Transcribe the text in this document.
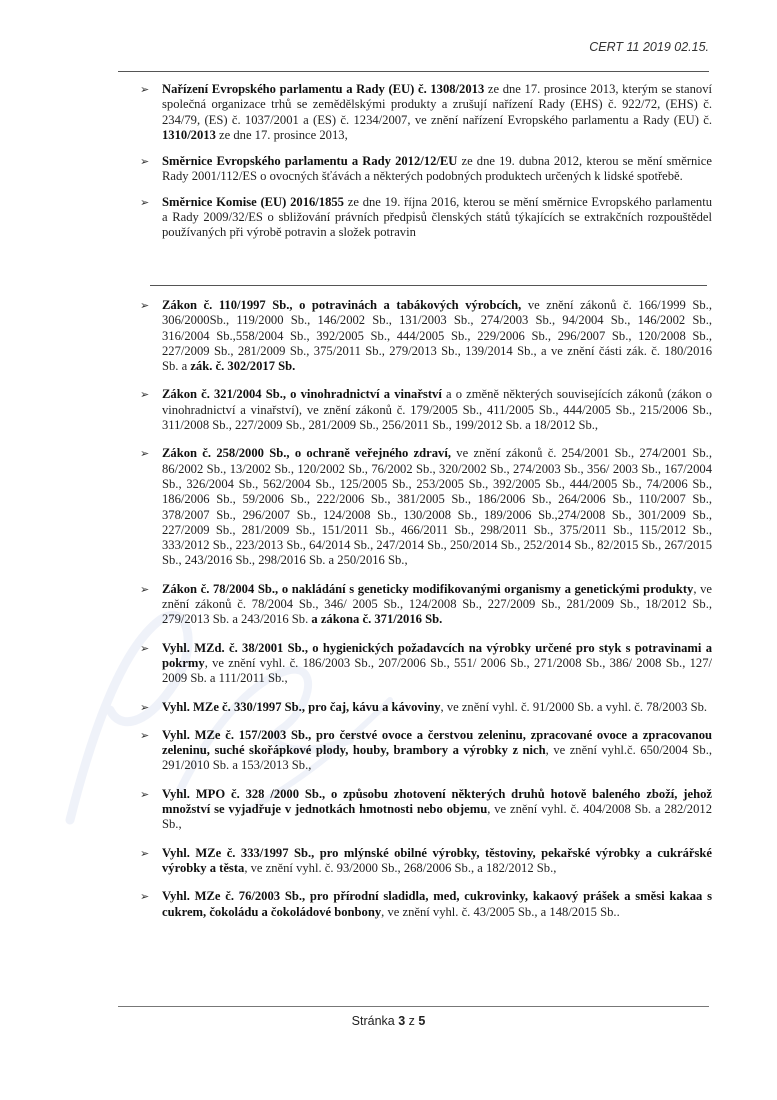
CERT 11 2019 02.15.
➢ Nařízení Evropského parlamentu a Rady (EU) č. 1308/2013 ze dne 17. prosince 2013, kterým se stanoví společná organizace trhů se zemědělskými produkty a zrušují nařízení Rady (EHS) č. 922/72, (EHS) č. 234/79, (ES) č. 1037/2001 a (ES) č. 1234/2007, ve znění nařízení Evropského parlamentu a Rady (EU) č. 1310/2013 ze dne 17. prosince 2013,
➢ Směrnice Evropského parlamentu a Rady 2012/12/EU ze dne 19. dubna 2012, kterou se mění směrnice Rady 2001/112/ES o ovocných šťávách a některých podobných produktech určených k lidské spotřebě.
➢ Směrnice Komise (EU) 2016/1855 ze dne 19. října 2016, kterou se mění směrnice Evropského parlamentu a Rady 2009/32/ES o sbližování právních předpisů členských států týkajících se extrakčních rozpouštědel používaných při výrobě potravin a složek potravin
➢ Zákon č. 110/1997 Sb., o potravinách a tabákových výrobcích, ve znění zákonů č. 166/1999 Sb., 306/2000Sb., 119/2000 Sb., 146/2002 Sb., 131/2003 Sb., 274/2003 Sb., 94/2004 Sb., 146/2002 Sb., 316/2004 Sb.,558/2004 Sb., 392/2005 Sb., 444/2005 Sb., 229/2006 Sb., 296/2007 Sb., 120/2008 Sb., 227/2009 Sb., 281/2009 Sb., 375/2011 Sb., 279/2013 Sb., 139/2014 Sb., a ve znění části zák. č. 180/2016 Sb. a zák. č. 302/2017 Sb.
➢ Zákon č. 321/2004 Sb., o vinohradnictví a vinařství a o změně některých souvisejících zákonů (zákon o vinohradnictví a vinařství), ve znění zákonů č. 179/2005 Sb., 411/2005 Sb., 444/2005 Sb., 215/2006 Sb., 311/2008 Sb., 227/2009 Sb., 281/2009 Sb., 256/2011 Sb., 199/2012 Sb. a 18/2012 Sb.,
➢ Zákon č. 258/2000 Sb., o ochraně veřejného zdraví, ve znění zákonů č. 254/2001 Sb., 274/2001 Sb., 86/2002 Sb., 13/2002 Sb., 120/2002 Sb., 76/2002 Sb., 320/2002 Sb., 274/2003 Sb., 356/ 2003 Sb., 167/2004 Sb., 326/2004 Sb., 562/2004 Sb., 125/2005 Sb., 253/2005 Sb., 392/2005 Sb., 444/2005 Sb., 74/2006 Sb., 186/2006 Sb., 59/2006 Sb., 222/2006 Sb., 381/2005 Sb., 186/2006 Sb., 264/2006 Sb., 110/2007 Sb., 378/2007 Sb., 296/2007 Sb., 124/2008 Sb., 130/2008 Sb., 189/2006 Sb.,274/2008 Sb., 301/2009 Sb., 227/2009 Sb., 281/2009 Sb., 151/2011 Sb., 466/2011 Sb., 298/2011 Sb., 375/2011 Sb., 115/2012 Sb., 333/2012 Sb., 223/2013 Sb., 64/2014 Sb., 247/2014 Sb., 250/2014 Sb., 252/2014 Sb., 82/2015 Sb., 267/2015 Sb., 243/2016 Sb., 298/2016 Sb. a 250/2016 Sb.,
➢ Zákon č. 78/2004 Sb., o nakládání s geneticky modifikovanými organismy a genetickými produkty, ve znění zákonů č. 78/2004 Sb., 346/ 2005 Sb., 124/2008 Sb., 227/2009 Sb., 281/2009 Sb., 18/2012 Sb., 279/2013 Sb. a 243/2016 Sb. a zákona č. 371/2016 Sb.
➢ Vyhl. MZd. č. 38/2001 Sb., o hygienických požadavcích na výrobky určené pro styk s potravinami a pokrmy, ve znění vyhl. č. 186/2003 Sb., 207/2006 Sb., 551/ 2006 Sb., 271/2008 Sb., 386/ 2008 Sb., 127/ 2009 Sb. a 111/2011 Sb.,
➢ Vyhl. MZe č. 330/1997 Sb., pro čaj, kávu a kávoviny, ve znění vyhl. č. 91/2000 Sb. a vyhl. č. 78/2003 Sb.
➢ Vyhl. MZe č. 157/2003 Sb., pro čerstvé ovoce a čerstvou zeleninu, zpracované ovoce a zpracovanou zeleninu, suché skořápkové plody, houby, brambory a výrobky z nich, ve znění vyhl.č. 650/2004 Sb., 291/2010 Sb. a 153/2013 Sb.,
➢ Vyhl. MPO č. 328 /2000 Sb., o způsobu zhotovení některých druhů hotově baleného zboží, jehož množství se vyjadřuje v jednotkách hmotnosti nebo objemu, ve znění vyhl. č. 404/2008 Sb. a 282/2012 Sb.,
➢ Vyhl. MZe č. 333/1997 Sb., pro mlýnské obilné výrobky, těstoviny, pekařské výrobky a cukrářské výrobky a těsta, ve znění vyhl. č. 93/2000 Sb., 268/2006 Sb., a 182/2012 Sb.,
➢ Vyhl. MZe č. 76/2003 Sb., pro přírodní sladidla, med, cukrovinky, kakaový prášek a směsi kakaa s cukrem, čokoládu a čokoládové bonbony, ve znění vyhl. č. 43/2005 Sb., a 148/2015 Sb..
Stránka 3 z 5
